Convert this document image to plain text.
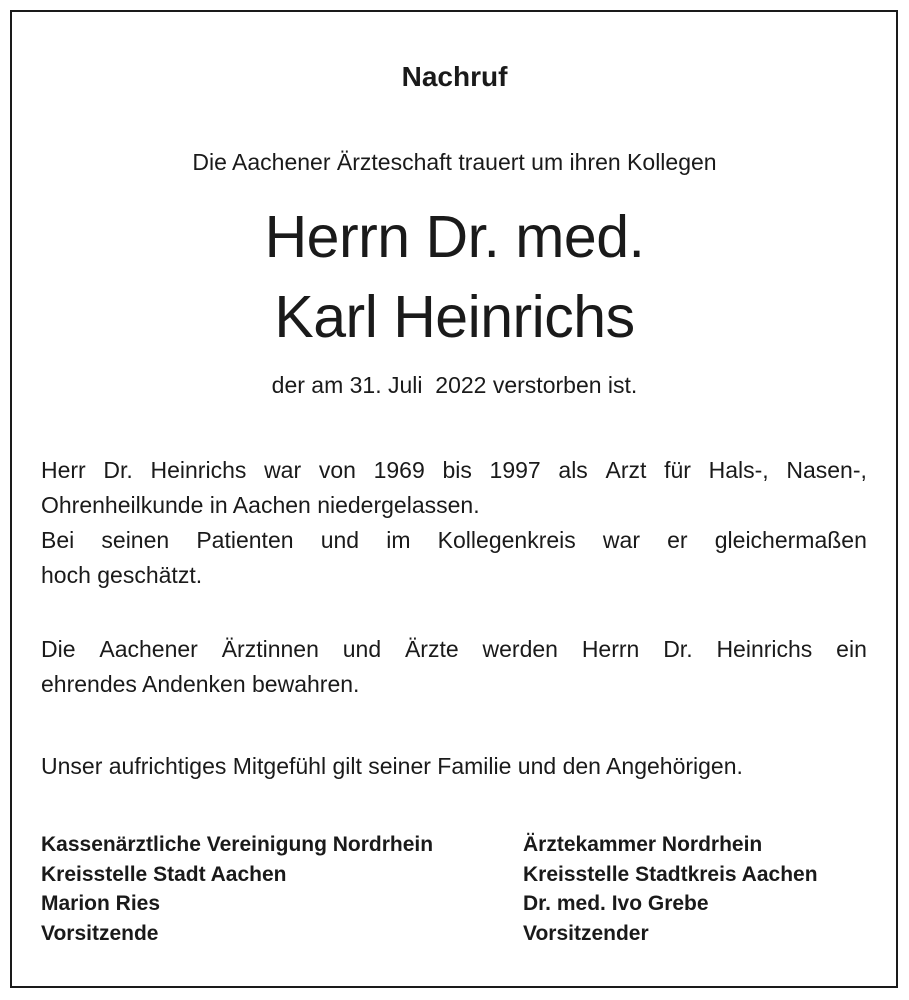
Nachruf
Die Aachener Ärzteschaft trauert um ihren Kollegen
Herrn Dr. med.
Karl Heinrichs
der am 31. Juli  2022 verstorben ist.
Herr Dr. Heinrichs war von 1969 bis 1997 als Arzt für Hals-, Nasen-,
Ohrenheilkunde in Aachen niedergelassen.
Bei seinen Patienten und im Kollegenkreis war er gleichermaßen
hoch geschätzt.
Die Aachener Ärztinnen und Ärzte werden Herrn Dr. Heinrichs ein
ehrendes Andenken bewahren.
Unser aufrichtiges Mitgefühl gilt seiner Familie und den Angehörigen.
Kassenärztliche Vereinigung Nordrhein
Kreisstelle Stadt Aachen
Marion Ries
Vorsitzende
Ärztekammer Nordrhein
Kreisstelle Stadtkreis Aachen
Dr. med. Ivo Grebe
Vorsitzender
